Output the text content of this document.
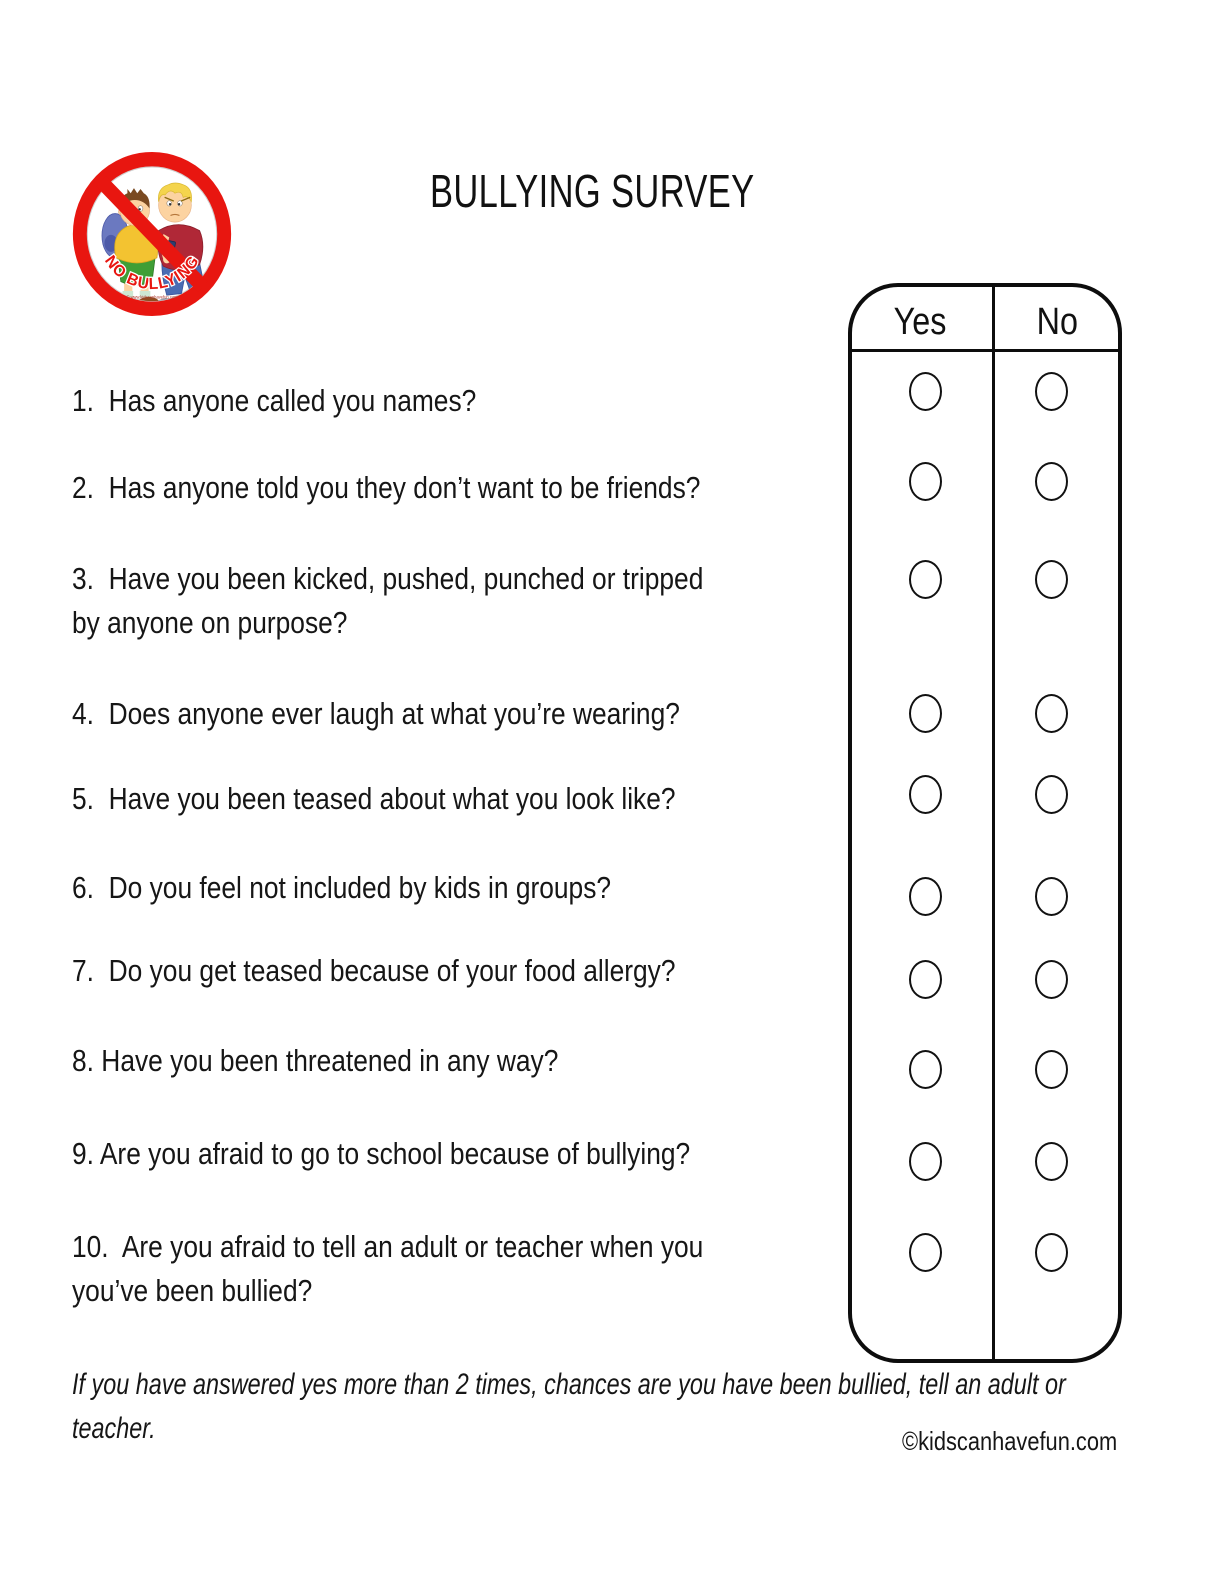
NO BULLYING
© www.kidscanhavefun.com
BULLYING SURVEY
Yes	No
1.  Has anyone called you names?
2.  Has anyone told you they don’t want to be friends?
3.  Have you been kicked, pushed, punched or tripped
by anyone on purpose?
4.  Does anyone ever laugh at what you’re wearing?
5.  Have you been teased about what you look like?
6.  Do you feel not included by kids in groups?
7.  Do you get teased because of your food allergy?
8. Have you been threatened in any way?
9. Are you afraid to go to school because of bullying?
10.  Are you afraid to tell an adult or teacher when you
you’ve been bullied?
If you have answered yes more than 2 times, chances are you have been bullied, tell an adult or
teacher.	©kidscanhavefun.com
